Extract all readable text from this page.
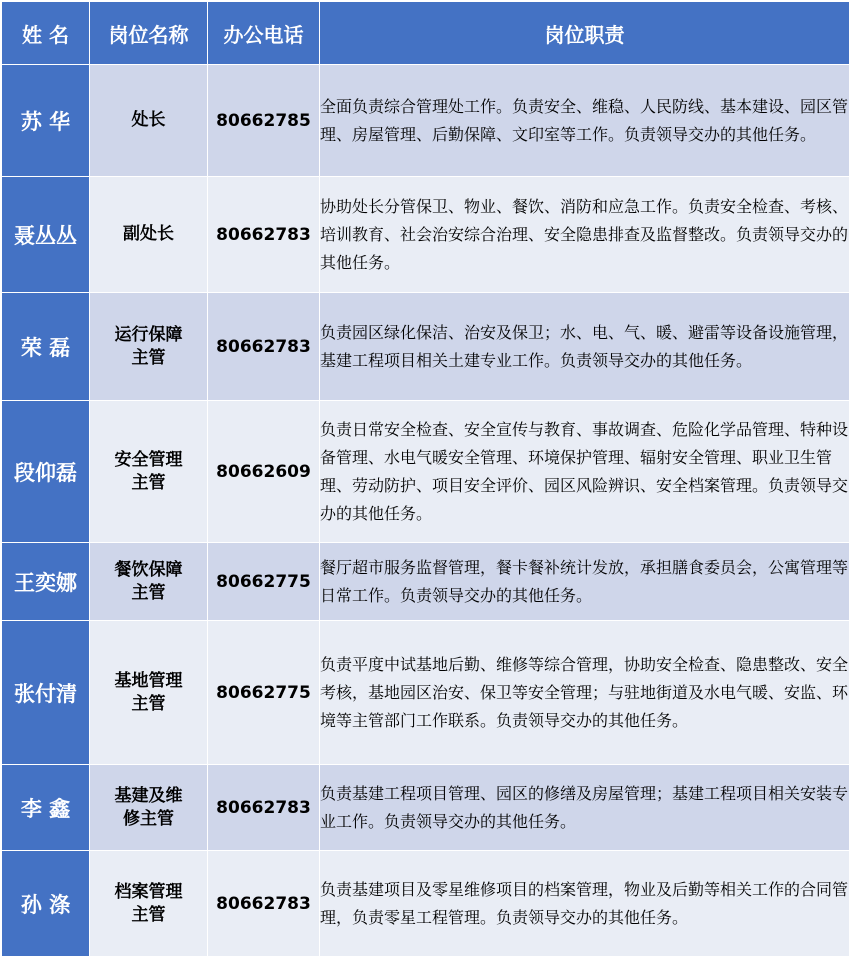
姓 名	岗位名称	办公电话	岗位职责
苏 华	处长	80662785	全面负责综合管理处工作。负责安全、维稳、人民防线、基本建设、园区管理、房屋管理、后勤保障、文印室等工作。负责领导交办的其他任务。
聂丛丛	副处长	80662783	协助处长分管保卫、物业、餐饮、消防和应急工作。负责安全检查、考核、培训教育、社会治安综合治理、安全隐患排查及监督整改。负责领导交办的其他任务。
荣 磊	运行保障主管	80662783	负责园区绿化保洁、治安及保卫；水、电、气、暖、避雷等设备设施管理，基建工程项目相关土建专业工作。负责领导交办的其他任务。
段仰磊	安全管理主管	80662609	负责日常安全检查、安全宣传与教育、事故调查、危险化学品管理、特种设备管理、水电气暖安全管理、环境保护管理、辐射安全管理、职业卫生管理、劳动防护、项目安全评价、园区风险辨识、安全档案管理。负责领导交办的其他任务。
王奕娜	餐饮保障主管	80662775	餐厅超市服务监督管理，餐卡餐补统计发放，承担膳食委员会，公寓管理等日常工作。负责领导交办的其他任务。
张付清	基地管理主管	80662775	负责平度中试基地后勤、维修等综合管理，协助安全检查、隐患整改、安全考核，基地园区治安、保卫等安全管理；与驻地街道及水电气暖、安监、环境等主管部门工作联系。负责领导交办的其他任务。
李 鑫	基建及维修主管	80662783	负责基建工程项目管理、园区的修缮及房屋管理；基建工程项目相关安装专业工作。负责领导交办的其他任务。
孙 涤	档案管理主管	80662783	负责基建项目及零星维修项目的档案管理，物业及后勤等相关工作的合同管理，负责零星工程管理。负责领导交办的其他任务。
